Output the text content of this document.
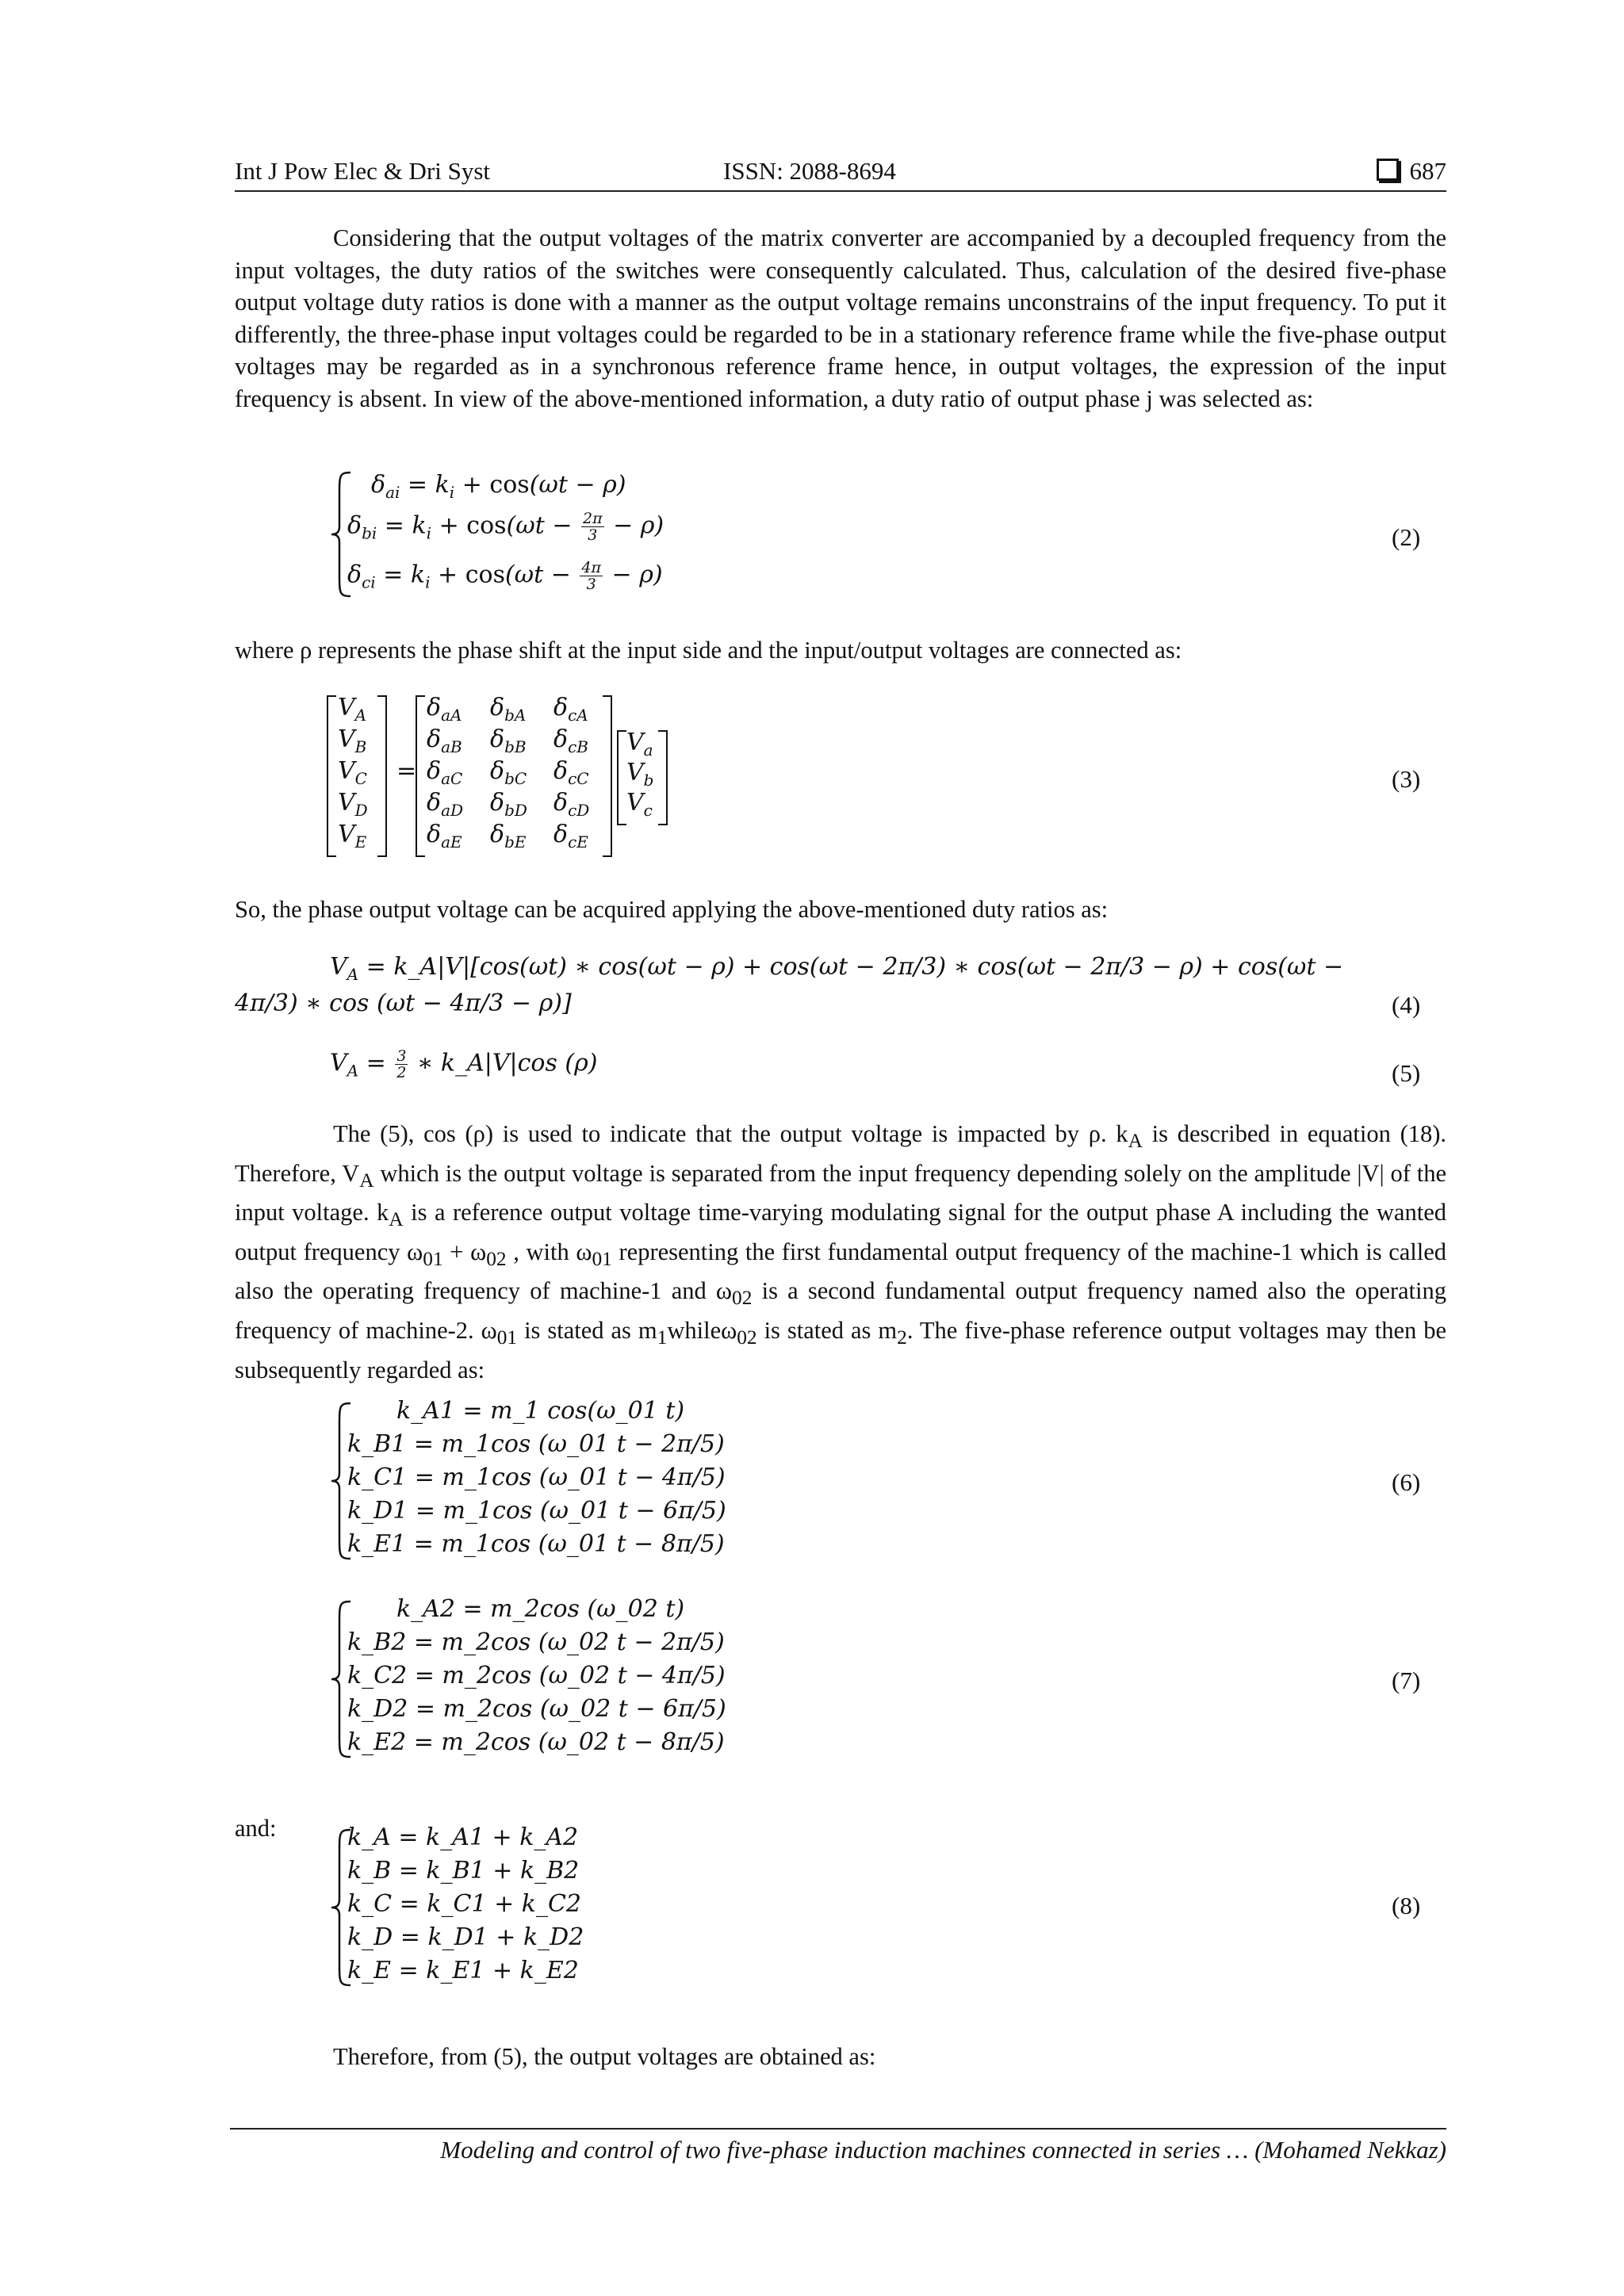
Int J Pow Elec & Dri Syst	ISSN: 2088-8694	687

Considering that the output voltages of the matrix converter are accompanied by a decoupled frequency from the input voltages, the duty ratios of the switches were consequently calculated. Thus, calculation of the desired five-phase output voltage duty ratios is done with a manner as the output voltage remains unconstrains of the input frequency. To put it differently, the three-phase input voltages could be regarded to be in a stationary reference frame while the five-phase output voltages may be regarded as in a synchronous reference frame hence, in output voltages, the expression of the input frequency is absent. In view of the above-mentioned information, a duty ratio of output phase j was selected as:

$\delta_{ai} = k_i + \cos(\omega t - \rho)$
$\delta_{bi} = k_i + \cos(\omega t - \frac{2\pi}{3} - \rho)$
$\delta_{ci} = k_i + \cos(\omega t - \frac{4\pi}{3} - \rho)$
(2)

where ρ represents the phase shift at the input side and the input/output voltages are connected as:

$V_A$
$V_B$
$V_C$
$V_D$
$V_E$
=
$\delta_{aA}$ $\delta_{bA}$ $\delta_{cA}$
$\delta_{aB}$ $\delta_{bB}$ $\delta_{cB}$
$\delta_{aC}$ $\delta_{bC}$ $\delta_{cC}$
$\delta_{aD}$ $\delta_{bD}$ $\delta_{cD}$
$\delta_{aE}$ $\delta_{bE}$ $\delta_{cE}$
$V_a$
$V_b$
$V_c$
(3)

So, the phase output voltage can be acquired applying the above-mentioned duty ratios as:

$V_A$ = k_A|V|[cos(ωt) ∗ cos(ωt − ρ) + cos(ωt − 2π/3) ∗ cos(ωt − 2π/3 − ρ) + cos(ωt −
4π/3) ∗ cos (ωt − 4π/3 − ρ)]	(4)
$V_A = \frac{3}{2}$ ∗ k_A|V|cos (ρ)	(5)

The (5), cos (ρ) is used to indicate that the output voltage is impacted by ρ. $k_A$ is described in equation (18). Therefore, $V_A$ which is the output voltage is separated from the input frequency depending solely on the amplitude |V| of the input voltage. $k_A$ is a reference output voltage time-varying modulating signal for the output phase A including the wanted output frequency $\omega_{01} + \omega_{02}$ , with $\omega_{01}$ representing the first fundamental output frequency of the machine-1 which is called also the operating frequency of machine-1 and $\omega_{02}$ is a second fundamental output frequency named also the operating frequency of machine-2. $\omega_{01}$ is stated as $m_1while\omega_{02}$ is stated as $m_2$. The five-phase reference output voltages may then be subsequently regarded as:

k_A1 = m_1 cos(ω_01 t)
k_B1 = m_1cos (ω_01 t − 2π/5)
k_C1 = m_1cos (ω_01 t − 4π/5)
k_D1 = m_1cos (ω_01 t − 6π/5)
k_E1 = m_1cos (ω_01 t − 8π/5)
(6)
k_A2 = m_2cos (ω_02 t)
k_B2 = m_2cos (ω_02 t − 2π/5)
k_C2 = m_2cos (ω_02 t − 4π/5)
k_D2 = m_2cos (ω_02 t − 6π/5)
k_E2 = m_2cos (ω_02 t − 8π/5)
(7)
and:	k_A = k_A1 + k_A2
k_B = k_B1 + k_B2
k_C = k_C1 + k_C2
k_D = k_D1 + k_D2
k_E = k_E1 + k_E2
(8)

Therefore, from (5), the output voltages are obtained as:

Modeling and control of two five-phase induction machines connected in series … (Mohamed Nekkaz)
